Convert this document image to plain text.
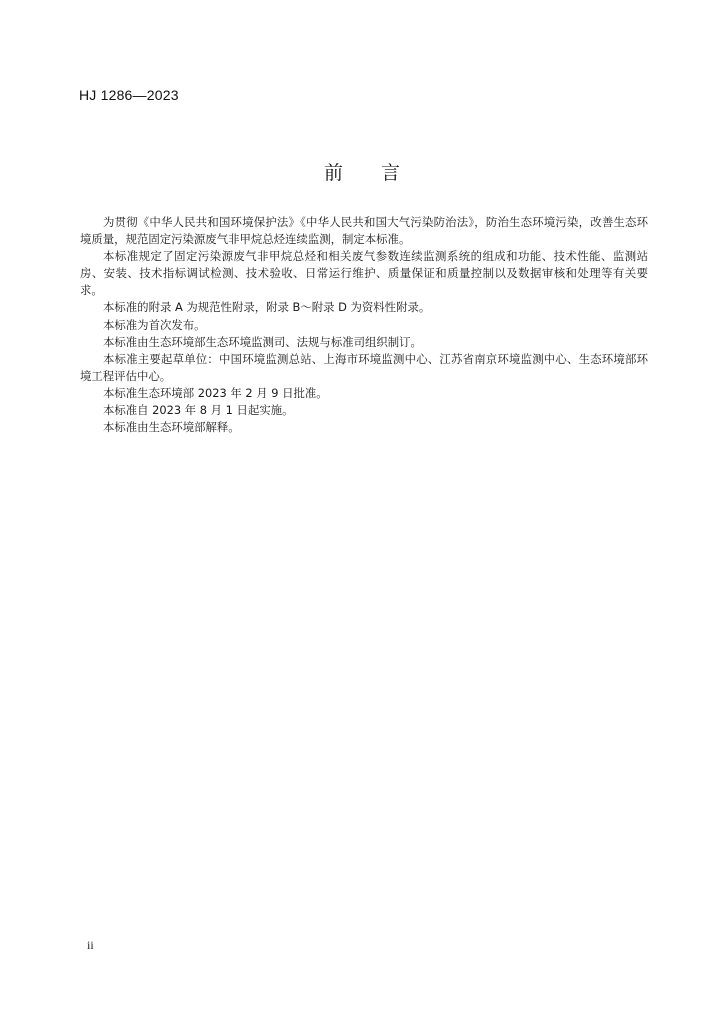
HJ 1286—2023
前言

为贯彻《中华人民共和国环境保护法》《中华人民共和国大气污染防治法》，防治生态环境污染，改善生态环境质量，规范固定污染源废气非甲烷总烃连续监测，制定本标准。

本标准规定了固定污染源废气非甲烷总烃和相关废气参数连续监测系统的组成和功能、技术性能、监测站房、安装、技术指标调试检测、技术验收、日常运行维护、质量保证和质量控制以及数据审核和处理等有关要求。

本标准的附录 A 为规范性附录，附录 B～附录 D 为资料性附录。

本标准为首次发布。

本标准由生态环境部生态环境监测司、法规与标准司组织制订。

本标准主要起草单位：中国环境监测总站、上海市环境监测中心、江苏省南京环境监测中心、生态环境部环境工程评估中心。

本标准生态环境部 2023 年 2 月 9 日批准。

本标准自 2023 年 8 月 1 日起实施。

本标准由生态环境部解释。

ii
